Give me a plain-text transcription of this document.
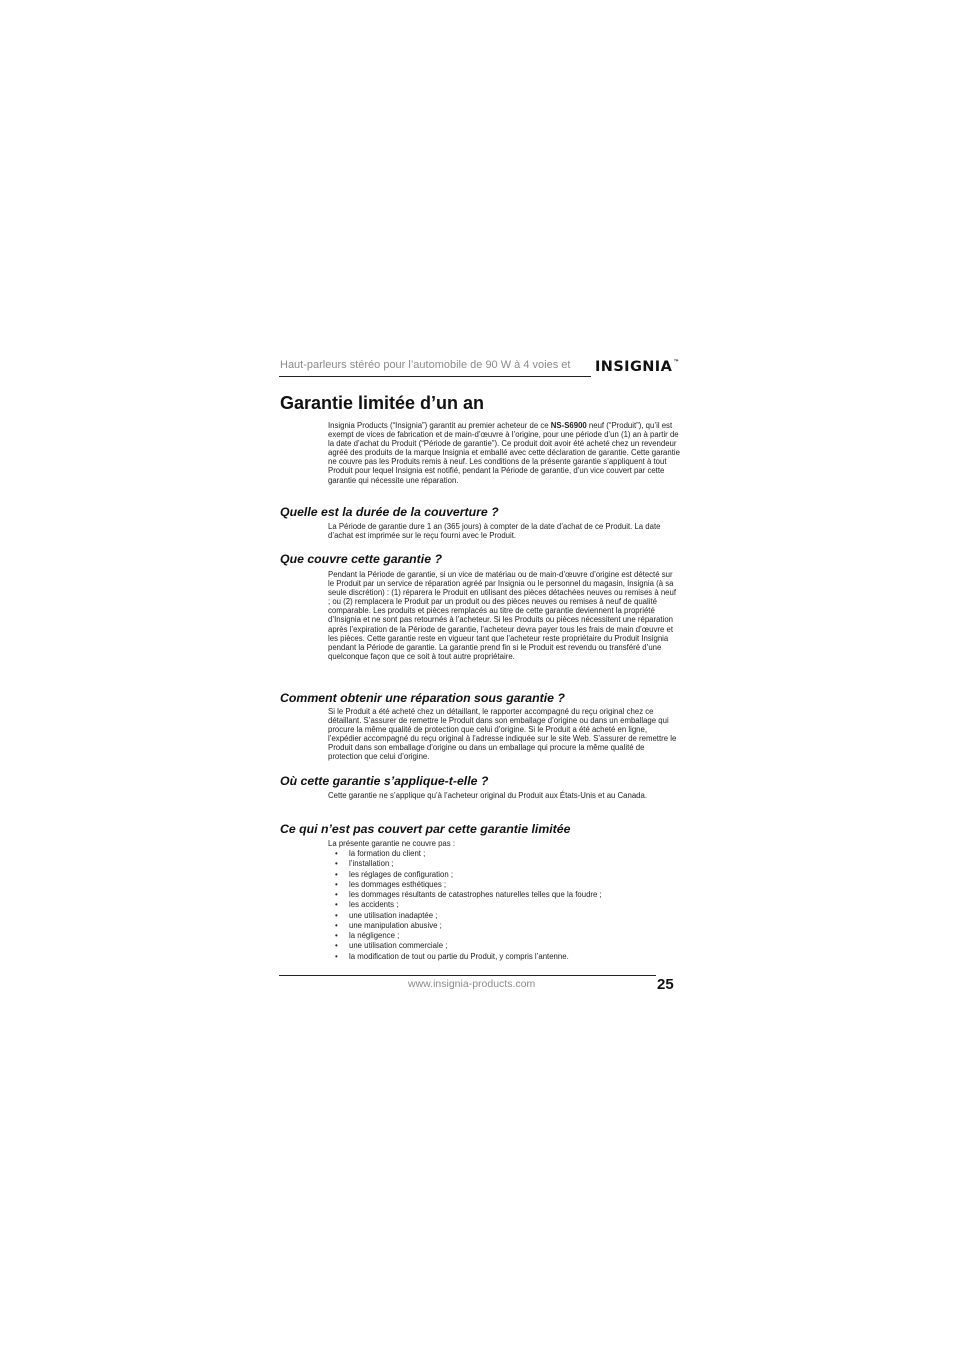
Haut-parleurs stéréo pour l’automobile de 90 W à 4 voies et INSIGNIA™
Garantie limitée d’un an

Insignia Products (“Insignia”) garantit au premier acheteur de ce NS-S6900 neuf (“Produit”), qu’il est exempt de vices de fabrication et de main-d’œuvre à l’origine, pour une période d’un (1) an à partir de la date d’achat du Produit (“Période de garantie”). Ce produit doit avoir été acheté chez un revendeur agréé des produits de la marque Insignia et emballé avec cette déclaration de garantie. Cette garantie ne couvre pas les Produits remis à neuf. Les conditions de la présente garantie s’appliquent à tout Produit pour lequel Insignia est notifié, pendant la Période de garantie, d’un vice couvert par cette garantie qui nécessite une réparation.

Quelle est la durée de la couverture ?

La Période de garantie dure 1 an (365 jours) à compter de la date d’achat de ce Produit. La date d’achat est imprimée sur le reçu fourni avec le Produit.

Que couvre cette garantie ?

Pendant la Période de garantie, si un vice de matériau ou de main-d’œuvre d’origine est détecté sur le Produit par un service de réparation agréé par Insignia ou le personnel du magasin, Insignia (à sa seule discrétion) : (1) réparera le Produit en utilisant des pièces détachées neuves ou remises à neuf ; ou (2) remplacera le Produit par un produit ou des pièces neuves ou remises à neuf de qualité comparable. Les produits et pièces remplacés au titre de cette garantie deviennent la propriété d’Insignia et ne sont pas retournés à l’acheteur. Si les Produits ou pièces nécessitent une réparation après l’expiration de la Période de garantie, l’acheteur devra payer tous les frais de main d’œuvre et les pièces. Cette garantie reste en vigueur tant que l’acheteur reste propriétaire du Produit Insignia pendant la Période de garantie. La garantie prend fin si le Produit est revendu ou transféré d’une quelconque façon que ce soit à tout autre propriétaire.

Comment obtenir une réparation sous garantie ?

Si le Produit a été acheté chez un détaillant, le rapporter accompagné du reçu original chez ce détaillant. S’assurer de remettre le Produit dans son emballage d’origine ou dans un emballage qui procure la même qualité de protection que celui d’origine. Si le Produit a été acheté en ligne, l’expédier accompagné du reçu original à l’adresse indiquée sur le site Web. S’assurer de remettre le Produit dans son emballage d’origine ou dans un emballage qui procure la même qualité de protection que celui d’origine.

Où cette garantie s’applique-t-elle ?

Cette garantie ne s’applique qu’à l’acheteur original du Produit aux États-Unis et au Canada.

Ce qui n’est pas couvert par cette garantie limitée

La présente garantie ne couvre pas :

• la formation du client ;
• l’installation ;
• les réglages de configuration ;
• les dommages esthétiques ;
• les dommages résultants de catastrophes naturelles telles que la foudre ;
• les accidents ;
• une utilisation inadaptée ;
• une manipulation abusive ;
• la négligence ;
• une utilisation commerciale ;
• la modification de tout ou partie du Produit, y compris l’antenne.
www.insignia-products.com	25
